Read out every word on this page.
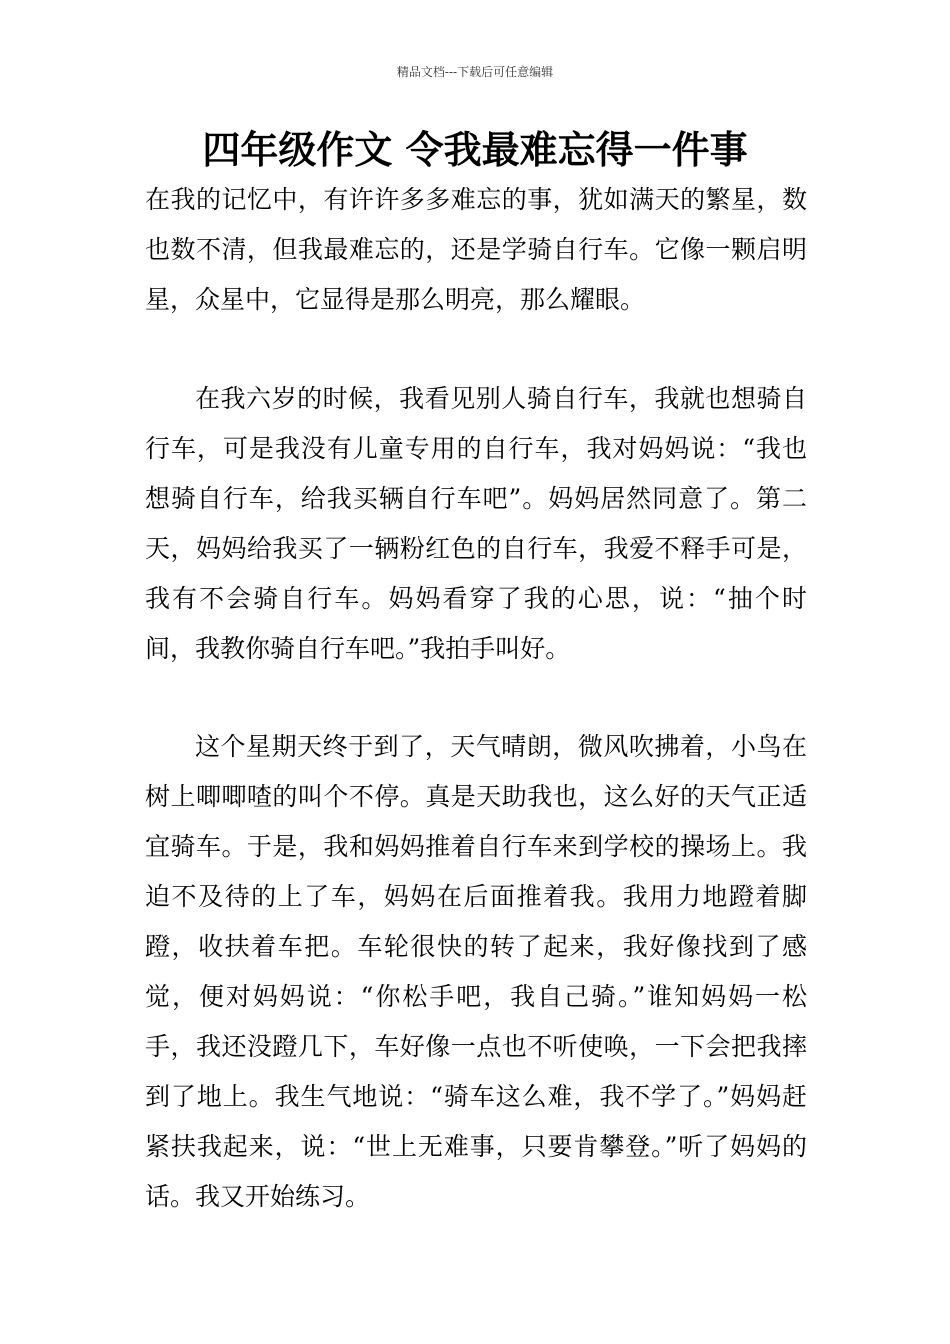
精品文档---下载后可任意编辑
四年级作文 令我最难忘得一件事

在我的记忆中，有许许多多难忘的事，犹如满天的繁星，数也数不清，但我最难忘的，还是学骑自行车。它像一颗启明星，众星中，它显得是那么明亮，那么耀眼。

在我六岁的时候，我看见别人骑自行车，我就也想骑自行车，可是我没有儿童专用的自行车，我对妈妈说：“我也想骑自行车，给我买辆自行车吧”。妈妈居然同意了。第二天，妈妈给我买了一辆粉红色的自行车，我爱不释手可是，我有不会骑自行车。妈妈看穿了我的心思，说：“抽个时间，我教你骑自行车吧。”我拍手叫好。

这个星期天终于到了，天气晴朗，微风吹拂着，小鸟在树上唧唧喳的叫个不停。真是天助我也，这么好的天气正适宜骑车。于是，我和妈妈推着自行车来到学校的操场上。我迫不及待的上了车，妈妈在后面推着我。我用力地蹬着脚蹬，收扶着车把。车轮很快的转了起来，我好像找到了感觉，便对妈妈说：“你松手吧，我自己骑。”谁知妈妈一松手，我还没蹬几下，车好像一点也不听使唤，一下会把我摔到了地上。我生气地说：“骑车这么难，我不学了。”妈妈赶紧扶我起来，说：“世上无难事，只要肯攀登。”听了妈妈的话。我又开始练习。
